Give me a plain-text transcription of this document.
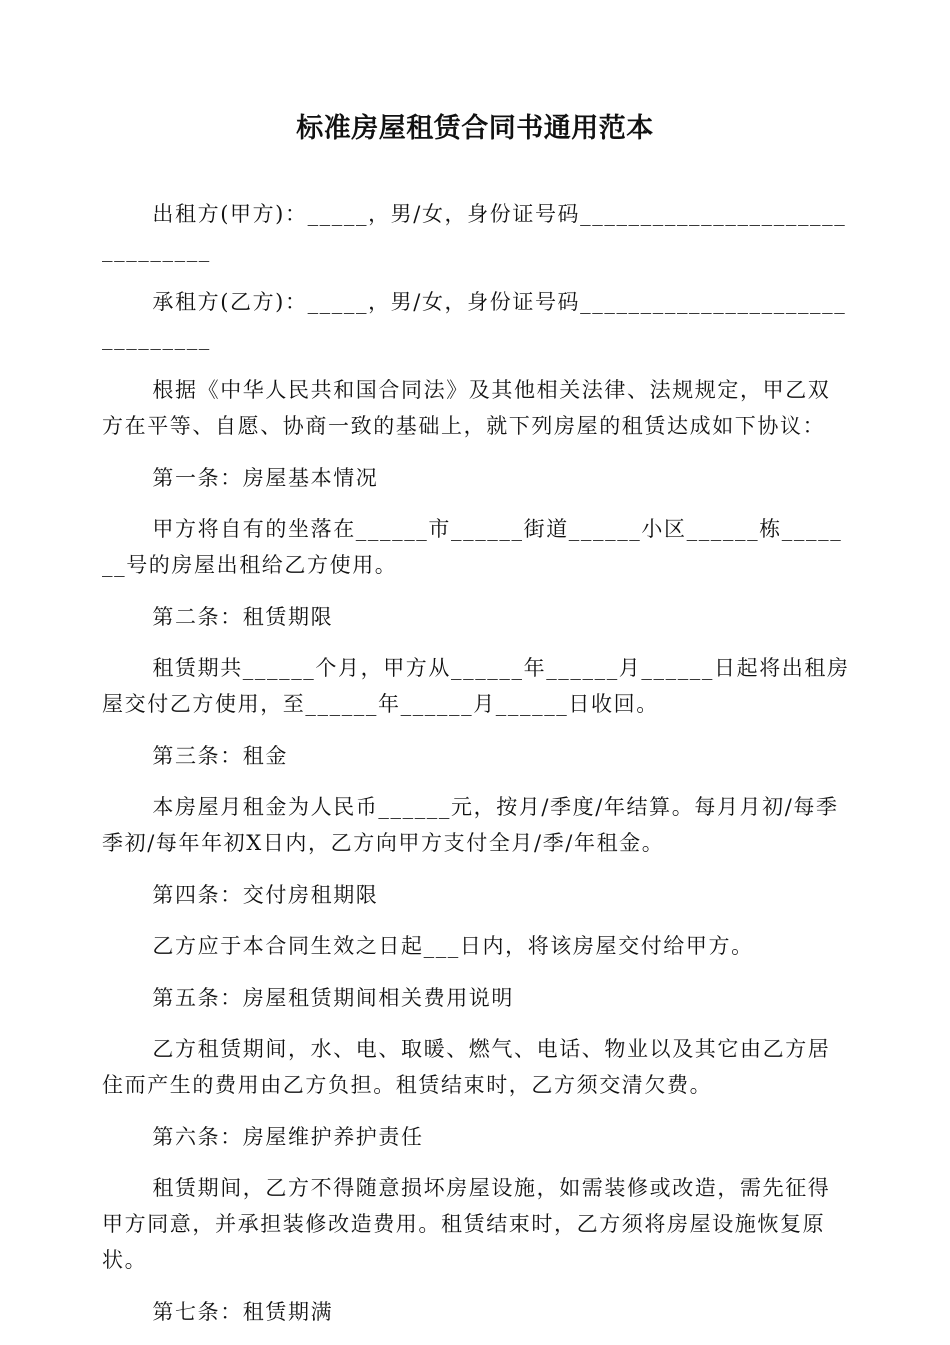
标准房屋租赁合同书通用范本

出租方(甲方)：_____，男/女，身份证号码_______________________________

承租方(乙方)：_____，男/女，身份证号码_______________________________

根据《中华人民共和国合同法》及其他相关法律、法规规定，甲乙双方在平等、自愿、协商一致的基础上，就下列房屋的租赁达成如下协议：

第一条：房屋基本情况

甲方将自有的坐落在______市______街道______小区______栋_______号的房屋出租给乙方使用。

第二条：租赁期限

租赁期共______个月，甲方从______年______月______日起将出租房屋交付乙方使用，至______年______月______日收回。

第三条：租金

本房屋月租金为人民币______元，按月/季度/年结算。每月月初/每季季初/每年年初X日内，乙方向甲方支付全月/季/年租金。

第四条：交付房租期限

乙方应于本合同生效之日起___日内，将该房屋交付给甲方。

第五条：房屋租赁期间相关费用说明

乙方租赁期间，水、电、取暖、燃气、电话、物业以及其它由乙方居住而产生的费用由乙方负担。租赁结束时，乙方须交清欠费。

第六条：房屋维护养护责任

租赁期间，乙方不得随意损坏房屋设施，如需装修或改造，需先征得甲方同意，并承担装修改造费用。租赁结束时，乙方须将房屋设施恢复原状。

第七条：租赁期满
